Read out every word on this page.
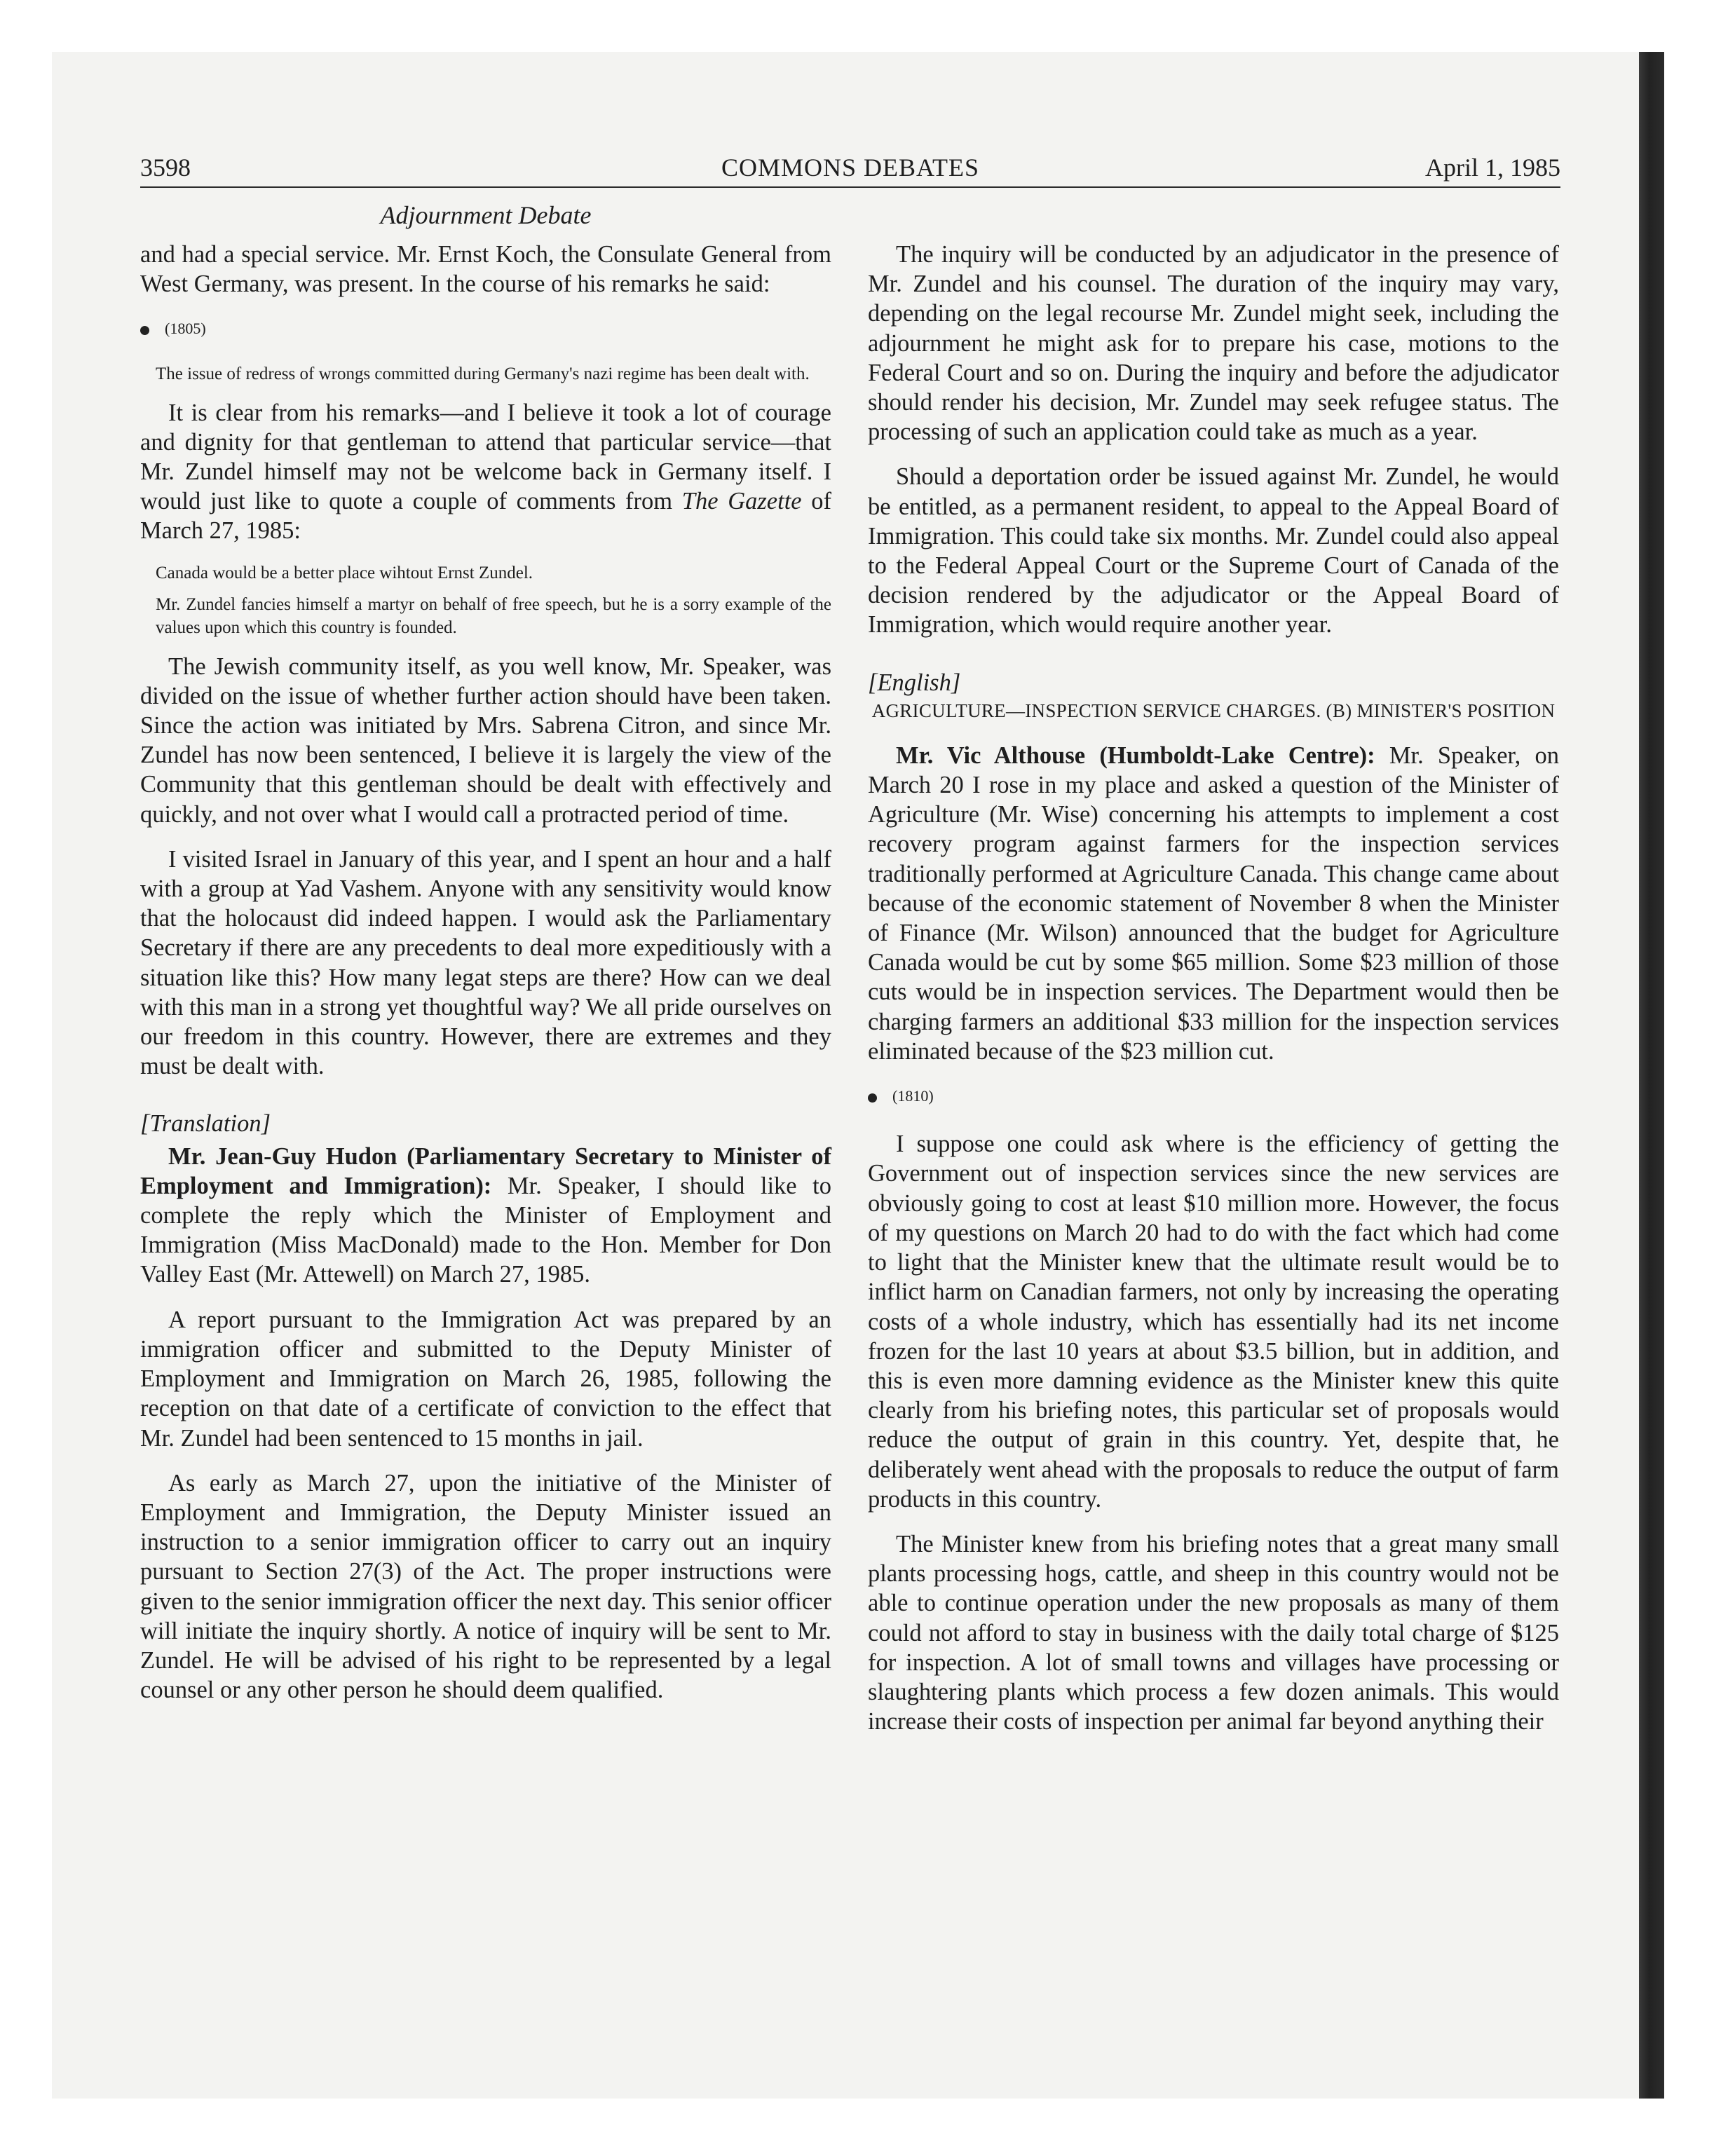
3598	COMMONS DEBATES	April 1, 1985
Adjournment Debate

and had a special service. Mr. Ernst Koch, the Consulate General from West Germany, was present. In the course of his remarks he said:

(1805)

The issue of redress of wrongs committed during Germany's nazi regime has been dealt with.

It is clear from his remarks—and I believe it took a lot of courage and dignity for that gentleman to attend that particular service—that Mr. Zundel himself may not be welcome back in Germany itself. I would just like to quote a couple of comments from The Gazette of March 27, 1985:

Canada would be a better place wihtout Ernst Zundel.

Mr. Zundel fancies himself a martyr on behalf of free speech, but he is a sorry example of the values upon which this country is founded.

The Jewish community itself, as you well know, Mr. Speaker, was divided on the issue of whether further action should have been taken. Since the action was initiated by Mrs. Sabrena Citron, and since Mr. Zundel has now been sentenced, I believe it is largely the view of the Community that this gentleman should be dealt with effectively and quickly, and not over what I would call a protracted period of time.

I visited Israel in January of this year, and I spent an hour and a half with a group at Yad Vashem. Anyone with any sensitivity would know that the holocaust did indeed happen. I would ask the Parliamentary Secretary if there are any precedents to deal more expeditiously with a situation like this? How many legat steps are there? How can we deal with this man in a strong yet thoughtful way? We all pride ourselves on our freedom in this country. However, there are extremes and they must be dealt with.

[Translation]

Mr. Jean-Guy Hudon (Parliamentary Secretary to Minister of Employment and Immigration): Mr. Speaker, I should like to complete the reply which the Minister of Employment and Immigration (Miss MacDonald) made to the Hon. Member for Don Valley East (Mr. Attewell) on March 27, 1985.

A report pursuant to the Immigration Act was prepared by an immigration officer and submitted to the Deputy Minister of Employment and Immigration on March 26, 1985, following the reception on that date of a certificate of conviction to the effect that Mr. Zundel had been sentenced to 15 months in jail.

As early as March 27, upon the initiative of the Minister of Employment and Immigration, the Deputy Minister issued an instruction to a senior immigration officer to carry out an inquiry pursuant to Section 27(3) of the Act. The proper instructions were given to the senior immigration officer the next day. This senior officer will initiate the inquiry shortly. A notice of inquiry will be sent to Mr. Zundel. He will be advised of his right to be represented by a legal counsel or any other person he should deem qualified.

The inquiry will be conducted by an adjudicator in the presence of Mr. Zundel and his counsel. The duration of the inquiry may vary, depending on the legal recourse Mr. Zundel might seek, including the adjournment he might ask for to prepare his case, motions to the Federal Court and so on. During the inquiry and before the adjudicator should render his decision, Mr. Zundel may seek refugee status. The processing of such an application could take as much as a year.

Should a deportation order be issued against Mr. Zundel, he would be entitled, as a permanent resident, to appeal to the Appeal Board of Immigration. This could take six months. Mr. Zundel could also appeal to the Federal Appeal Court or the Supreme Court of Canada of the decision rendered by the adjudicator or the Appeal Board of Immigration, which would require another year.

[English]
AGRICULTURE—INSPECTION SERVICE CHARGES. (B) MINISTER'S POSITION

Mr. Vic Althouse (Humboldt-Lake Centre): Mr. Speaker, on March 20 I rose in my place and asked a question of the Minister of Agriculture (Mr. Wise) concerning his attempts to implement a cost recovery program against farmers for the inspection services traditionally performed at Agriculture Canada. This change came about because of the economic statement of November 8 when the Minister of Finance (Mr. Wilson) announced that the budget for Agriculture Canada would be cut by some $65 million. Some $23 million of those cuts would be in inspection services. The Department would then be charging farmers an additional $33 million for the inspection services eliminated because of the $23 million cut.

(1810)

I suppose one could ask where is the efficiency of getting the Government out of inspection services since the new services are obviously going to cost at least $10 million more. However, the focus of my questions on March 20 had to do with the fact which had come to light that the Minister knew that the ultimate result would be to inflict harm on Canadian farmers, not only by increasing the operating costs of a whole industry, which has essentially had its net income frozen for the last 10 years at about $3.5 billion, but in addition, and this is even more damning evidence as the Minister knew this quite clearly from his briefing notes, this particular set of proposals would reduce the output of grain in this country. Yet, despite that, he deliberately went ahead with the proposals to reduce the output of farm products in this country.

The Minister knew from his briefing notes that a great many small plants processing hogs, cattle, and sheep in this country would not be able to continue operation under the new proposals as many of them could not afford to stay in business with the daily total charge of $125 for inspection. A lot of small towns and villages have processing or slaughtering plants which process a few dozen animals. This would increase their costs of inspection per animal far beyond anything their
